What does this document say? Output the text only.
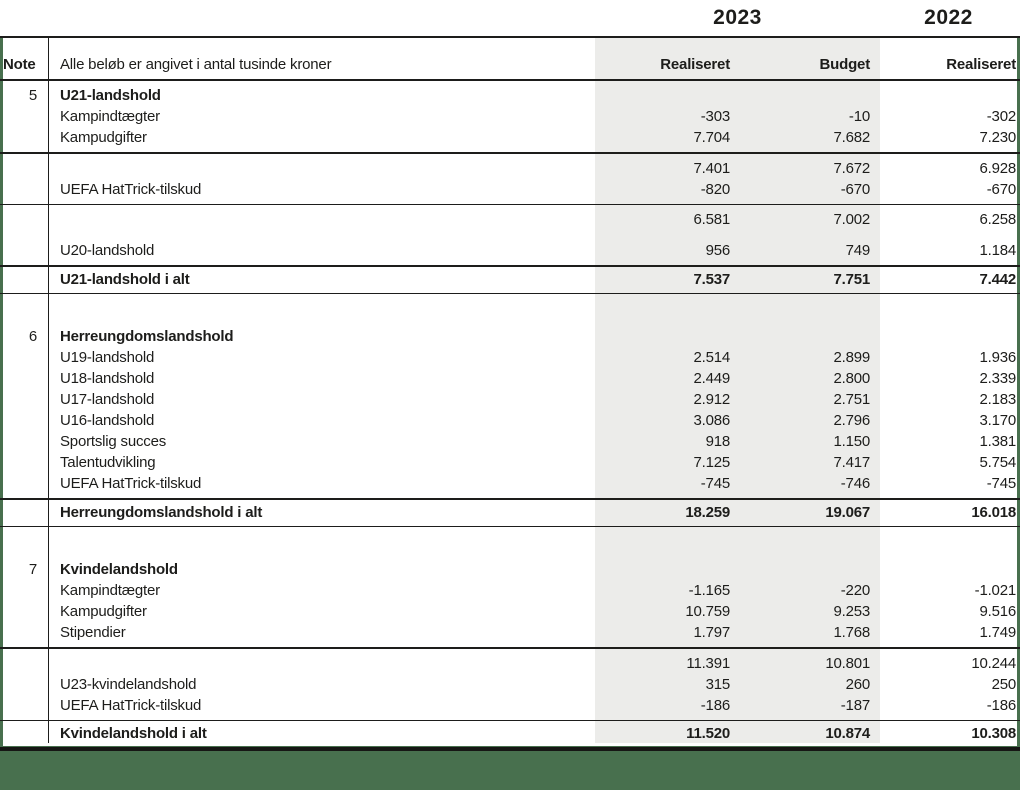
2023	2022
Note Alle beløb er angivet i antal tusinde kroner	Realiseret	Budget	Realiseret
5 U21-landshold
Kampindtægter	-303	-10	-302
Kampudgifter	7.704	7.682	7.230
7.401	7.672	6.928
UEFA HatTrick-tilskud	-820	-670	-670
6.581	7.002	6.258
U20-landshold	956	749	1.184
U21-landshold i alt	7.537	7.751	7.442
6 Herreungdomslandshold
U19-landshold	2.514	2.899	1.936
U18-landshold	2.449	2.800	2.339
U17-landshold	2.912	2.751	2.183
U16-landshold	3.086	2.796	3.170
Sportslig succes	918	1.150	1.381
Talentudvikling	7.125	7.417	5.754
UEFA HatTrick-tilskud	-745	-746	-745
Herreungdomslandshold i alt	18.259	19.067	16.018
7 Kvindelandshold
Kampindtægter	-1.165	-220	-1.021
Kampudgifter	10.759	9.253	9.516
Stipendier	1.797	1.768	1.749
11.391	10.801	10.244
U23-kvindelandshold	315	260	250
UEFA HatTrick-tilskud	-186	-187	-186
Kvindelandshold i alt	11.520	10.874	10.308
